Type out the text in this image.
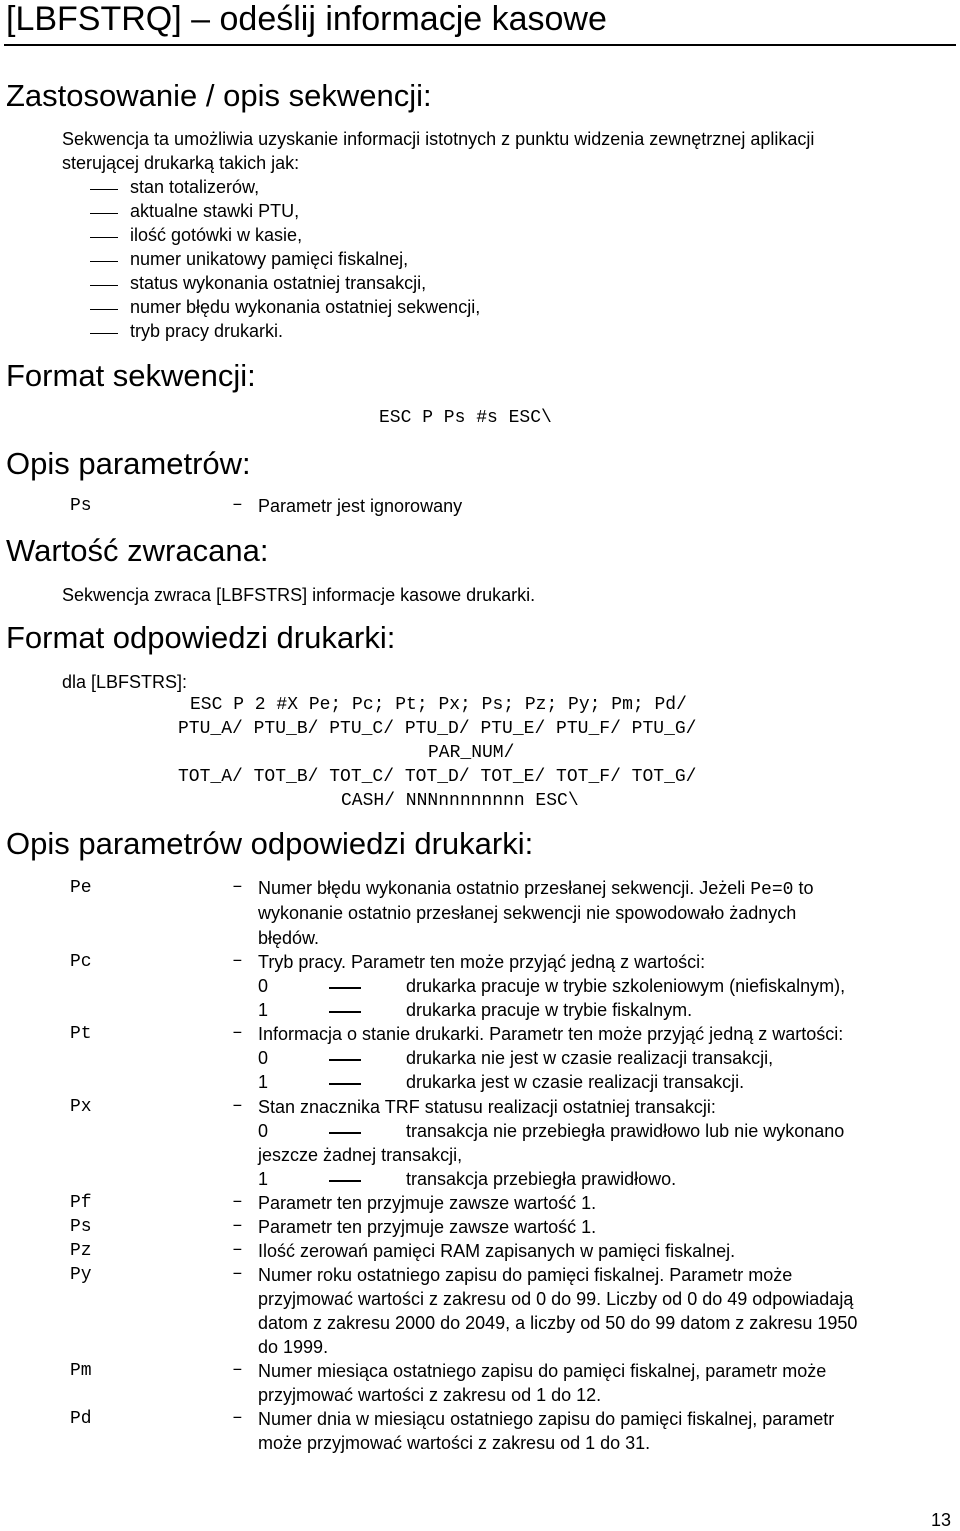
[LBFSTRQ] – odeślij informacje kasowe
Zastosowanie / opis sekwencji:
Sekwencja ta umożliwia uzyskanie informacji istotnych z punktu widzenia zewnętrznej aplikacji
sterującej drukarką takich jak:
stan totalizerów,
aktualne stawki PTU,
ilość gotówki w kasie,
numer unikatowy pamięci fiskalnej,
status wykonania ostatniej transakcji,
numer błędu wykonania ostatniej sekwencji,
tryb pracy drukarki.
Format sekwencji:
ESC P Ps #s ESC\
Opis parametrów:
Ps	– Parametr jest ignorowany
Wartość zwracana:
Sekwencja zwraca [LBFSTRS] informacje kasowe drukarki.
Format odpowiedzi drukarki:
dla [LBFSTRS]:
ESC P 2 #X Pe; Pc; Pt; Px; Ps; Pz; Py; Pm; Pd/
PTU_A/ PTU_B/ PTU_C/ PTU_D/ PTU_E/ PTU_F/ PTU_G/
PAR_NUM/
TOT_A/ TOT_B/ TOT_C/ TOT_D/ TOT_E/ TOT_F/ TOT_G/
CASH/ NNNnnnnnnnn ESC\
Opis parametrów odpowiedzi drukarki:
Pe	– Numer błędu wykonania ostatnio przesłanej sekwencji. Jeżeli Pe=0 to
wykonanie ostatnio przesłanej sekwencji nie spowodowało żadnych
błędów.
Pc	– Tryb pracy. Parametr ten może przyjąć jedną z wartości:
0	drukarka pracuje w trybie szkoleniowym (niefiskalnym),
1	drukarka pracuje w trybie fiskalnym.
Pt	– Informacja o stanie drukarki. Parametr ten może przyjąć jedną z wartości:
0	drukarka nie jest w czasie realizacji transakcji,
1	drukarka jest w czasie realizacji transakcji.
Px	– Stan znacznika TRF statusu realizacji ostatniej transakcji:
0	transakcja nie przebiegła prawidłowo lub nie wykonano
jeszcze żadnej transakcji,
1	transakcja przebiegła prawidłowo.
Pf	– Parametr ten przyjmuje zawsze wartość 1.
Ps	– Parametr ten przyjmuje zawsze wartość 1.
Pz	– Ilość zerowań pamięci RAM zapisanych w pamięci fiskalnej.
Py	– Numer roku ostatniego zapisu do pamięci fiskalnej. Parametr może
przyjmować wartości z zakresu od 0 do 99. Liczby od 0 do 49 odpowiadają
datom z zakresu 2000 do 2049, a liczby od 50 do 99 datom z zakresu 1950
do 1999.
Pm	– Numer miesiąca ostatniego zapisu do pamięci fiskalnej, parametr może
przyjmować wartości z zakresu od 1 do 12.
Pd	– Numer dnia w miesiącu ostatniego zapisu do pamięci fiskalnej, parametr
może przyjmować wartości z zakresu od 1 do 31.
13
